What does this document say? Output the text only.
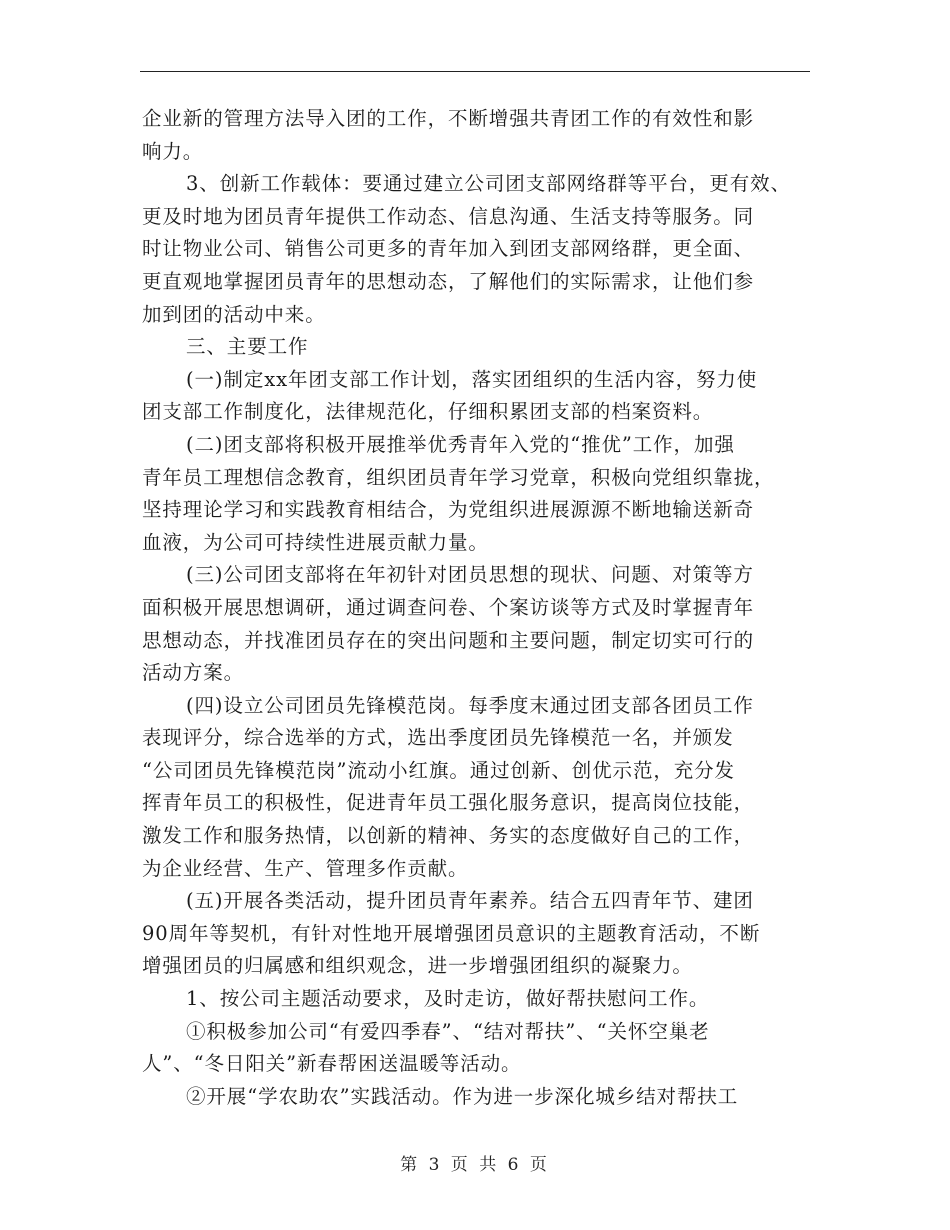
企业新的管理方法导入团的工作，不断增强共青团工作的有效性和影
响力。
3、创新工作载体：要通过建立公司团支部网络群等平台，更有效、
更及时地为团员青年提供工作动态、信息沟通、生活支持等服务。同
时让物业公司、销售公司更多的青年加入到团支部网络群，更全面、
更直观地掌握团员青年的思想动态，了解他们的实际需求，让他们参
加到团的活动中来。
三、主要工作
(一)制定xx年团支部工作计划，落实团组织的生活内容，努力使
团支部工作制度化，法律规范化，仔细积累团支部的档案资料。
(二)团支部将积极开展推举优秀青年入党的“推优”工作，加强
青年员工理想信念教育，组织团员青年学习党章，积极向党组织靠拢，
坚持理论学习和实践教育相结合，为党组织进展源源不断地输送新奇
血液，为公司可持续性进展贡献力量。
(三)公司团支部将在年初针对团员思想的现状、问题、对策等方
面积极开展思想调研，通过调查问卷、个案访谈等方式及时掌握青年
思想动态，并找准团员存在的突出问题和主要问题，制定切实可行的
活动方案。
(四)设立公司团员先锋模范岗。每季度末通过团支部各团员工作
表现评分，综合选举的方式，选出季度团员先锋模范一名，并颁发
“公司团员先锋模范岗”流动小红旗。通过创新、创优示范，充分发
挥青年员工的积极性，促进青年员工强化服务意识，提高岗位技能，
激发工作和服务热情，以创新的精神、务实的态度做好自己的工作，
为企业经营、生产、管理多作贡献。
(五)开展各类活动，提升团员青年素养。结合五四青年节、建团
90周年等契机，有针对性地开展增强团员意识的主题教育活动，不断
增强团员的归属感和组织观念，进一步增强团组织的凝聚力。
1、按公司主题活动要求，及时走访，做好帮扶慰问工作。
①积极参加公司“有爱四季春”、“结对帮扶”、“关怀空巢老
人”、“冬日阳关”新春帮困送温暖等活动。
②开展“学农助农”实践活动。作为进一步深化城乡结对帮扶工
第 3 页 共 6 页
